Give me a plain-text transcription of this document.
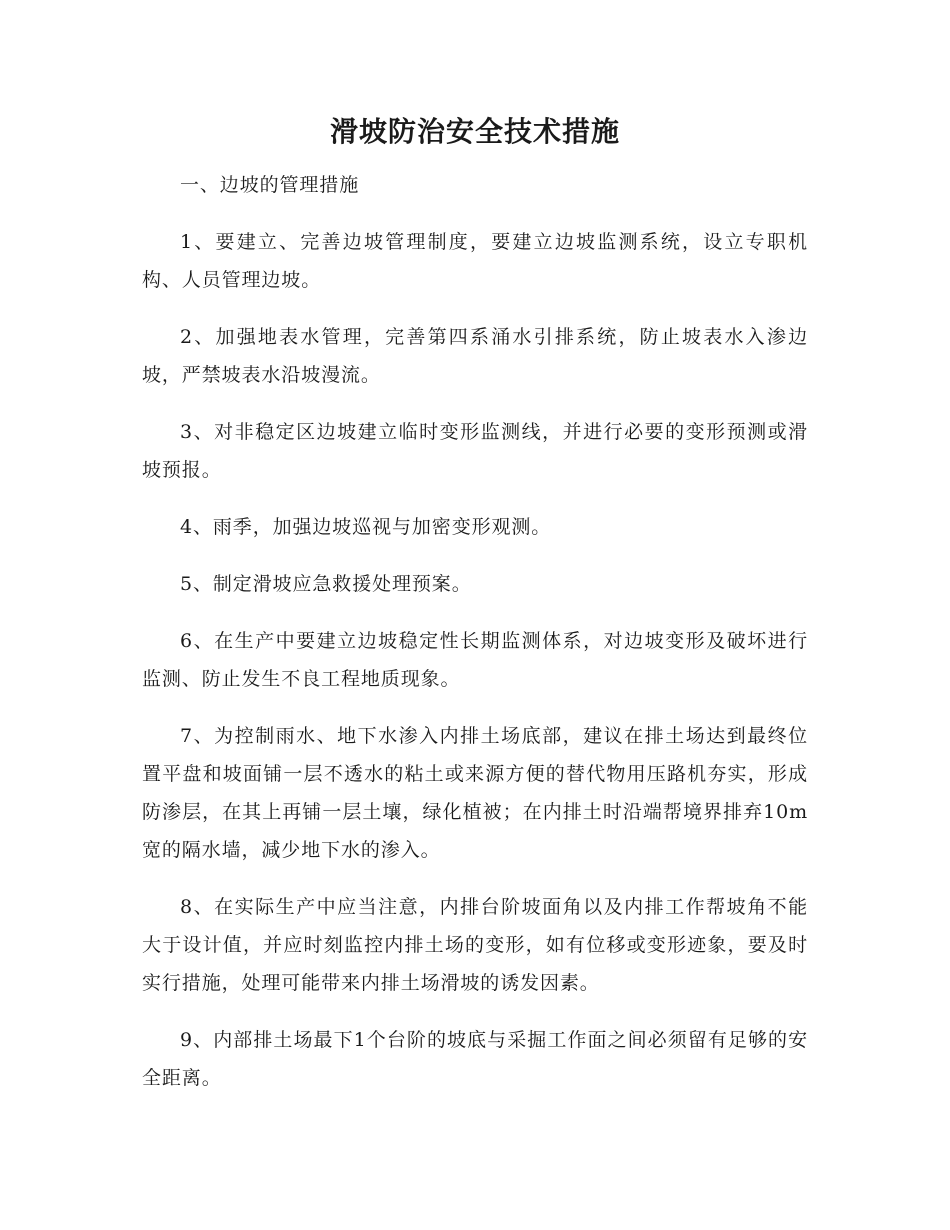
滑坡防治安全技术措施

一、边坡的管理措施

1、要建立、完善边坡管理制度，要建立边坡监测系统，设立专职机构、人员管理边坡。

2、加强地表水管理，完善第四系涌水引排系统，防止坡表水入渗边坡，严禁坡表水沿坡漫流。

3、对非稳定区边坡建立临时变形监测线，并进行必要的变形预测或滑坡预报。

4、雨季，加强边坡巡视与加密变形观测。

5、制定滑坡应急救援处理预案。

6、在生产中要建立边坡稳定性长期监测体系，对边坡变形及破坏进行监测、防止发生不良工程地质现象。

7、为控制雨水、地下水渗入内排土场底部，建议在排土场达到最终位置平盘和坡面铺一层不透水的粘土或来源方便的替代物用压路机夯实，形成防渗层，在其上再铺一层土壤，绿化植被；在内排土时沿端帮境界排弃10m宽的隔水墙，减少地下水的渗入。

8、在实际生产中应当注意，内排台阶坡面角以及内排工作帮坡角不能大于设计值，并应时刻监控内排土场的变形，如有位移或变形迹象，要及时实行措施，处理可能带来内排土场滑坡的诱发因素。

9、内部排土场最下1个台阶的坡底与采掘工作面之间必须留有足够的安全距离。
